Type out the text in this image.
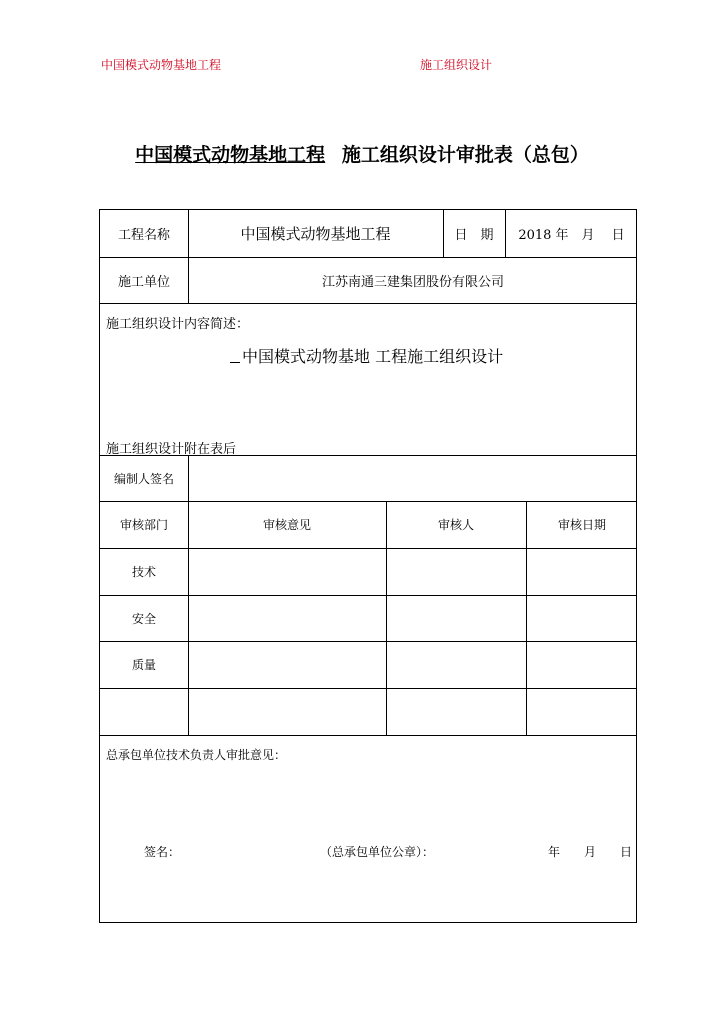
中国模式动物基地工程	施工组织设计
中国模式动物基地工程 施工组织设计审批表（总包）
工程名称	中国模式动物基地工程	日　期	2018 年　月　 日
施工单位	江苏南通三建集团股份有限公司
施工组织设计内容简述：
中国模式动物基地 工程施工组织设计
施工组织设计附在表后
编制人签名
审核部门	审核意见	审核人	审核日期
技术
安全
质量
总承包单位技术负责人审批意见：
签名：	（总承包单位公章）：	年　　月　　日
